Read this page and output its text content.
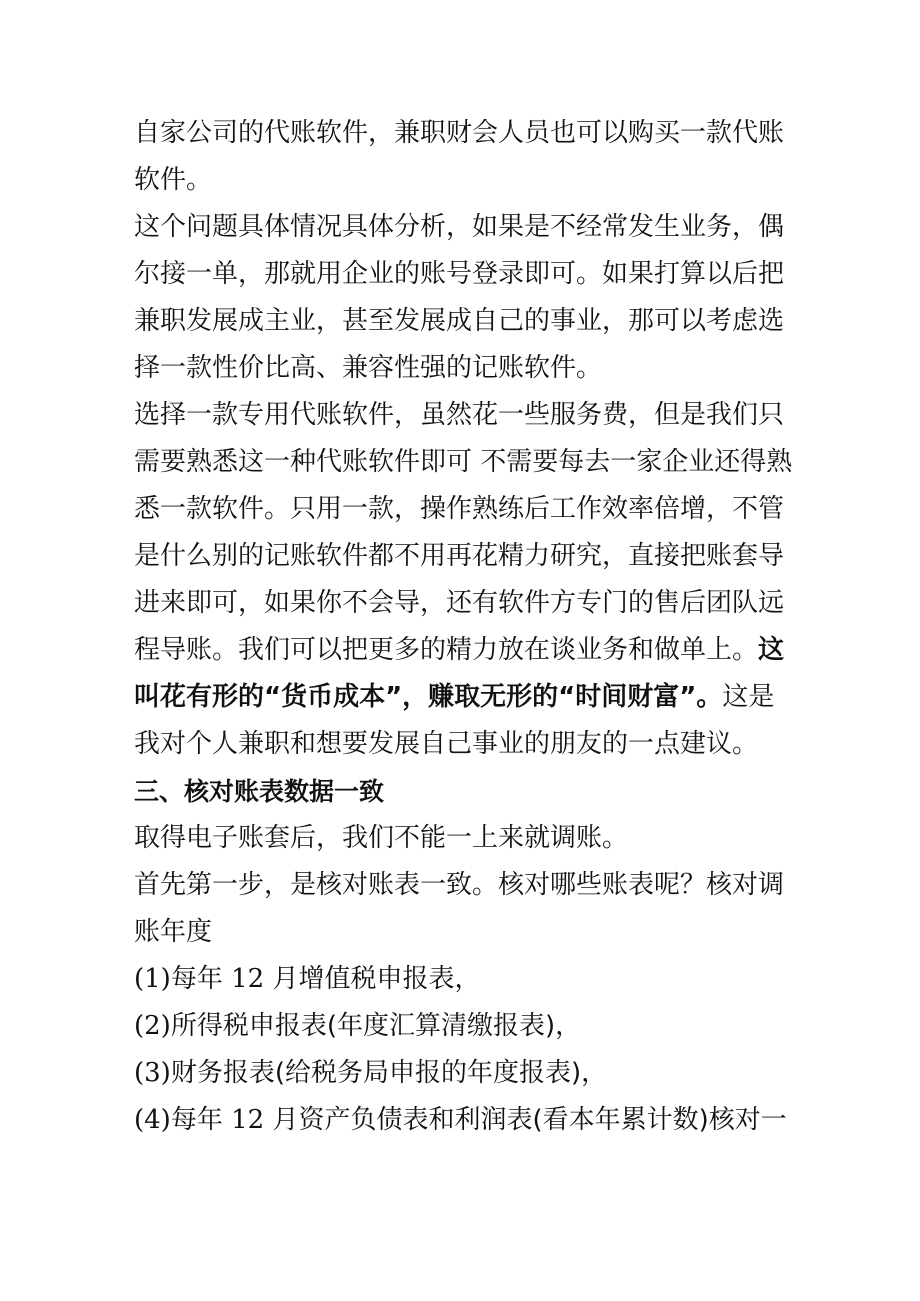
自家公司的代账软件，兼职财会人员也可以购买一款代账软件。

这个问题具体情况具体分析，如果是不经常发生业务，偶尔接一单，那就用企业的账号登录即可。如果打算以后把兼职发展成主业，甚至发展成自己的事业，那可以考虑选择一款性价比高、兼容性强的记账软件。

选择一款专用代账软件，虽然花一些服务费，但是我们只需要熟悉这一种代账软件即可 不需要每去一家企业还得熟悉一款软件。只用一款，操作熟练后工作效率倍增，不管是什么别的记账软件都不用再花精力研究，直接把账套导进来即可，如果你不会导，还有软件方专门的售后团队远程导账。我们可以把更多的精力放在谈业务和做单上。这叫花有形的“货币成本”，赚取无形的“时间财富”。这是我对个人兼职和想要发展自己事业的朋友的一点建议。

三、核对账表数据一致

取得电子账套后，我们不能一上来就调账。

首先第一步，是核对账表一致。核对哪些账表呢？核对调账年度

(1)每年 12 月增值税申报表，

(2)所得税申报表(年度汇算清缴报表)，

(3)财务报表(给税务局申报的年度报表)，

(4)每年 12 月资产负债表和利润表(看本年累计数)核对一
